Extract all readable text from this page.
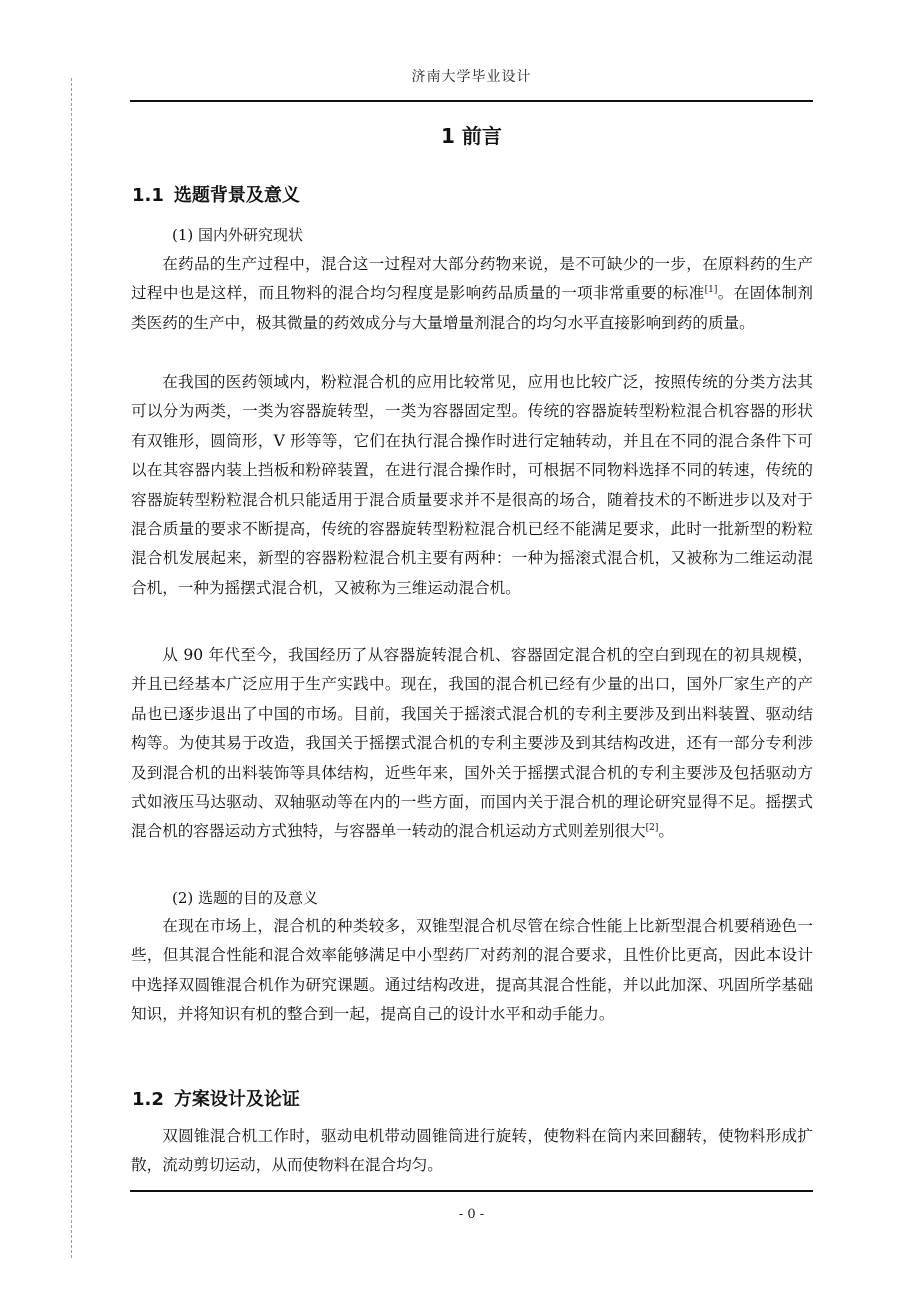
济南大学毕业设计
1 前言
1.1 选题背景及意义
(1) 国内外研究现状

在药品的生产过程中，混合这一过程对大部分药物来说，是不可缺少的一步，在原料药的生产过程中也是这样，而且物料的混合均匀程度是影响药品质量的一项非常重要的标准[1]。在固体制剂类医药的生产中，极其微量的药效成分与大量增量剂混合的均匀水平直接影响到药的质量。

在我国的医药领域内，粉粒混合机的应用比较常见，应用也比较广泛，按照传统的分类方法其可以分为两类，一类为容器旋转型，一类为容器固定型。传统的容器旋转型粉粒混合机容器的形状有双锥形，圆筒形，V 形等等，它们在执行混合操作时进行定轴转动，并且在不同的混合条件下可以在其容器内装上挡板和粉碎装置，在进行混合操作时，可根据不同物料选择不同的转速，传统的容器旋转型粉粒混合机只能适用于混合质量要求并不是很高的场合，随着技术的不断进步以及对于混合质量的要求不断提高，传统的容器旋转型粉粒混合机已经不能满足要求，此时一批新型的粉粒混合机发展起来，新型的容器粉粒混合机主要有两种：一种为摇滚式混合机，又被称为二维运动混合机，一种为摇摆式混合机，又被称为三维运动混合机。

从 90 年代至今，我国经历了从容器旋转混合机、容器固定混合机的空白到现在的初具规模，并且已经基本广泛应用于生产实践中。现在，我国的混合机已经有少量的出口，国外厂家生产的产品也已逐步退出了中国的市场。目前，我国关于摇滚式混合机的专利主要涉及到出料装置、驱动结构等。为使其易于改造，我国关于摇摆式混合机的专利主要涉及到其结构改进，还有一部分专利涉及到混合机的出料装饰等具体结构，近些年来，国外关于摇摆式混合机的专利主要涉及包括驱动方式如液压马达驱动、双轴驱动等在内的一些方面，而国内关于混合机的理论研究显得不足。摇摆式混合机的容器运动方式独特，与容器单一转动的混合机运动方式则差别很大[2]。

(2) 选题的目的及意义

在现在市场上，混合机的种类较多，双锥型混合机尽管在综合性能上比新型混合机要稍逊色一些，但其混合性能和混合效率能够满足中小型药厂对药剂的混合要求，且性价比更高，因此本设计中选择双圆锥混合机作为研究课题。通过结构改进，提高其混合性能，并以此加深、巩固所学基础知识，并将知识有机的整合到一起，提高自己的设计水平和动手能力。

1.2 方案设计及论证

双圆锥混合机工作时，驱动电机带动圆锥筒进行旋转，使物料在筒内来回翻转，使物料形成扩散，流动剪切运动，从而使物料在混合均匀。

- 0 -
